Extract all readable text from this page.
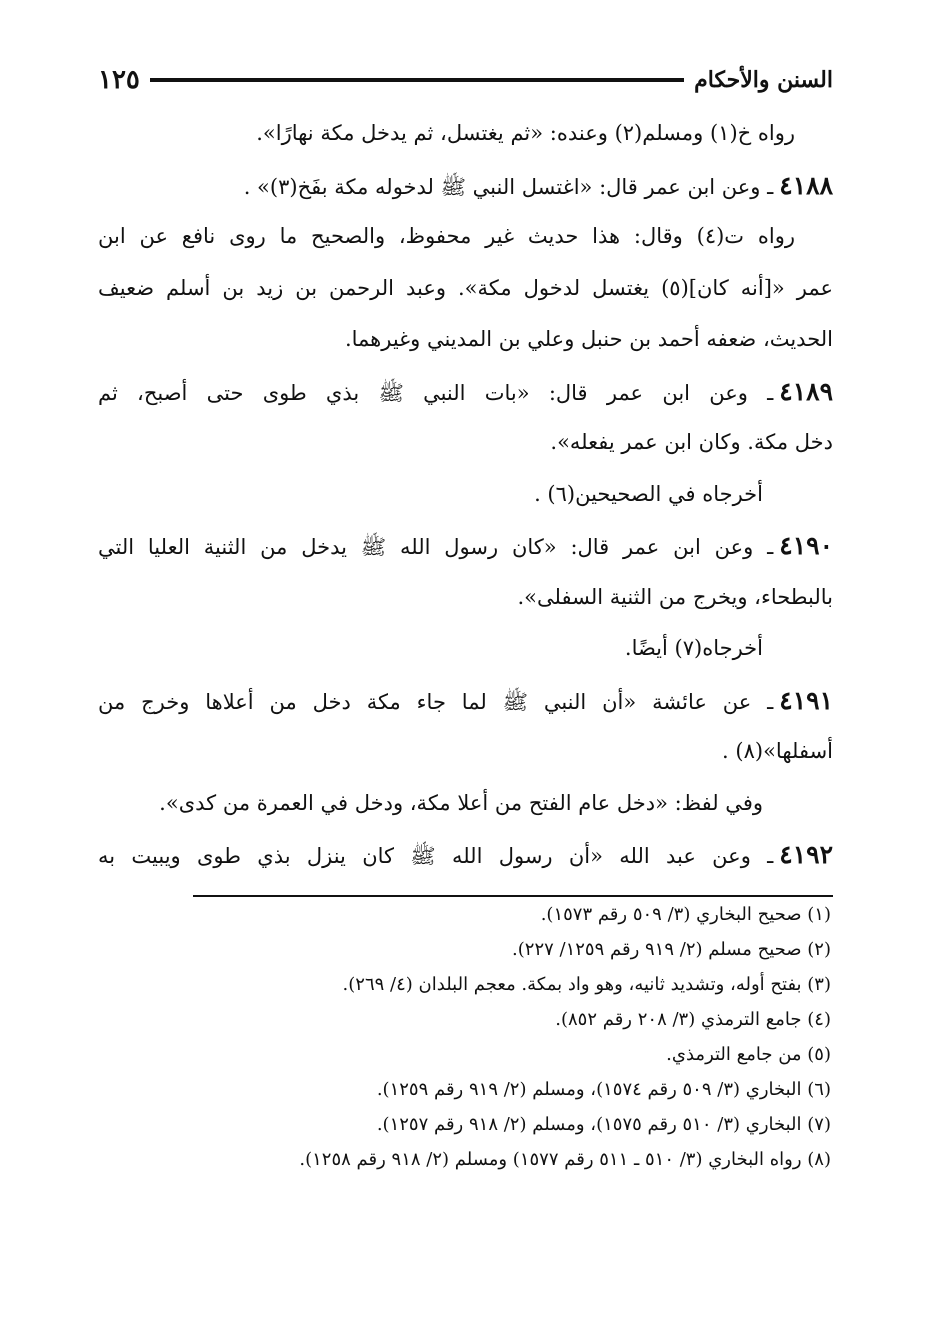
السنن والأحكام
١٢٥
رواه خ(١) ومسلم(٢) وعنده: «ثم يغتسل، ثم يدخل مكة نهارًا».
٤١٨٨ـ وعن ابن عمر قال: «اغتسل النبي ﷺ لدخوله مكة بفَخ(٣)» .
رواه ت(٤) وقال: هذا حديث غير محفوظ، والصحيح ما روى نافع عن ابن
عمر «[أنه كان](٥) يغتسل لدخول مكة». وعبد الرحمن بن زيد بن أسلم ضعيف
الحديث، ضعفه أحمد بن حنبل وعلي بن المديني وغيرهما.
٤١٨٩ـ وعن ابن عمر قال: «بات النبي ﷺ بذي طوى حتى أصبح، ثم
دخل مكة. وكان ابن عمر يفعله».
أخرجاه في الصحيحين(٦) .
٤١٩٠ـ وعن ابن عمر قال: «كان رسول الله ﷺ يدخل من الثنية العليا التي
بالبطحاء، ويخرج من الثنية السفلى».
أخرجاه(٧) أيضًا.
٤١٩١ـ عن عائشة «أن النبي ﷺ لما جاء مكة دخل من أعلاها وخرج من
أسفلها»(٨) .
وفي لفظ: «دخل عام الفتح من أعلا مكة، ودخل في العمرة من كدى».
٤١٩٢ـ وعن عبد الله «أن رسول الله ﷺ كان ينزل بذي طوى ويبيت به
(١) صحيح البخاري (٣/ ٥٠٩ رقم ١٥٧٣).
(٢) صحيح مسلم (٢/ ٩١٩ رقم ١٢٥٩/ ٢٢٧).
(٣) بفتح أوله، وتشديد ثانيه، وهو واد بمكة. معجم البلدان (٤/ ٢٦٩).
(٤) جامع الترمذي (٣/ ٢٠٨ رقم ٨٥٢).
(٥) من جامع الترمذي.
(٦) البخاري (٣/ ٥٠٩ رقم ١٥٧٤)، ومسلم (٢/ ٩١٩ رقم ١٢٥٩).
(٧) البخاري (٣/ ٥١٠ رقم ١٥٧٥)، ومسلم (٢/ ٩١٨ رقم ١٢٥٧).
(٨) رواه البخاري (٣/ ٥١٠ ـ ٥١١ رقم ١٥٧٧) ومسلم (٢/ ٩١٨ رقم ١٢٥٨).
